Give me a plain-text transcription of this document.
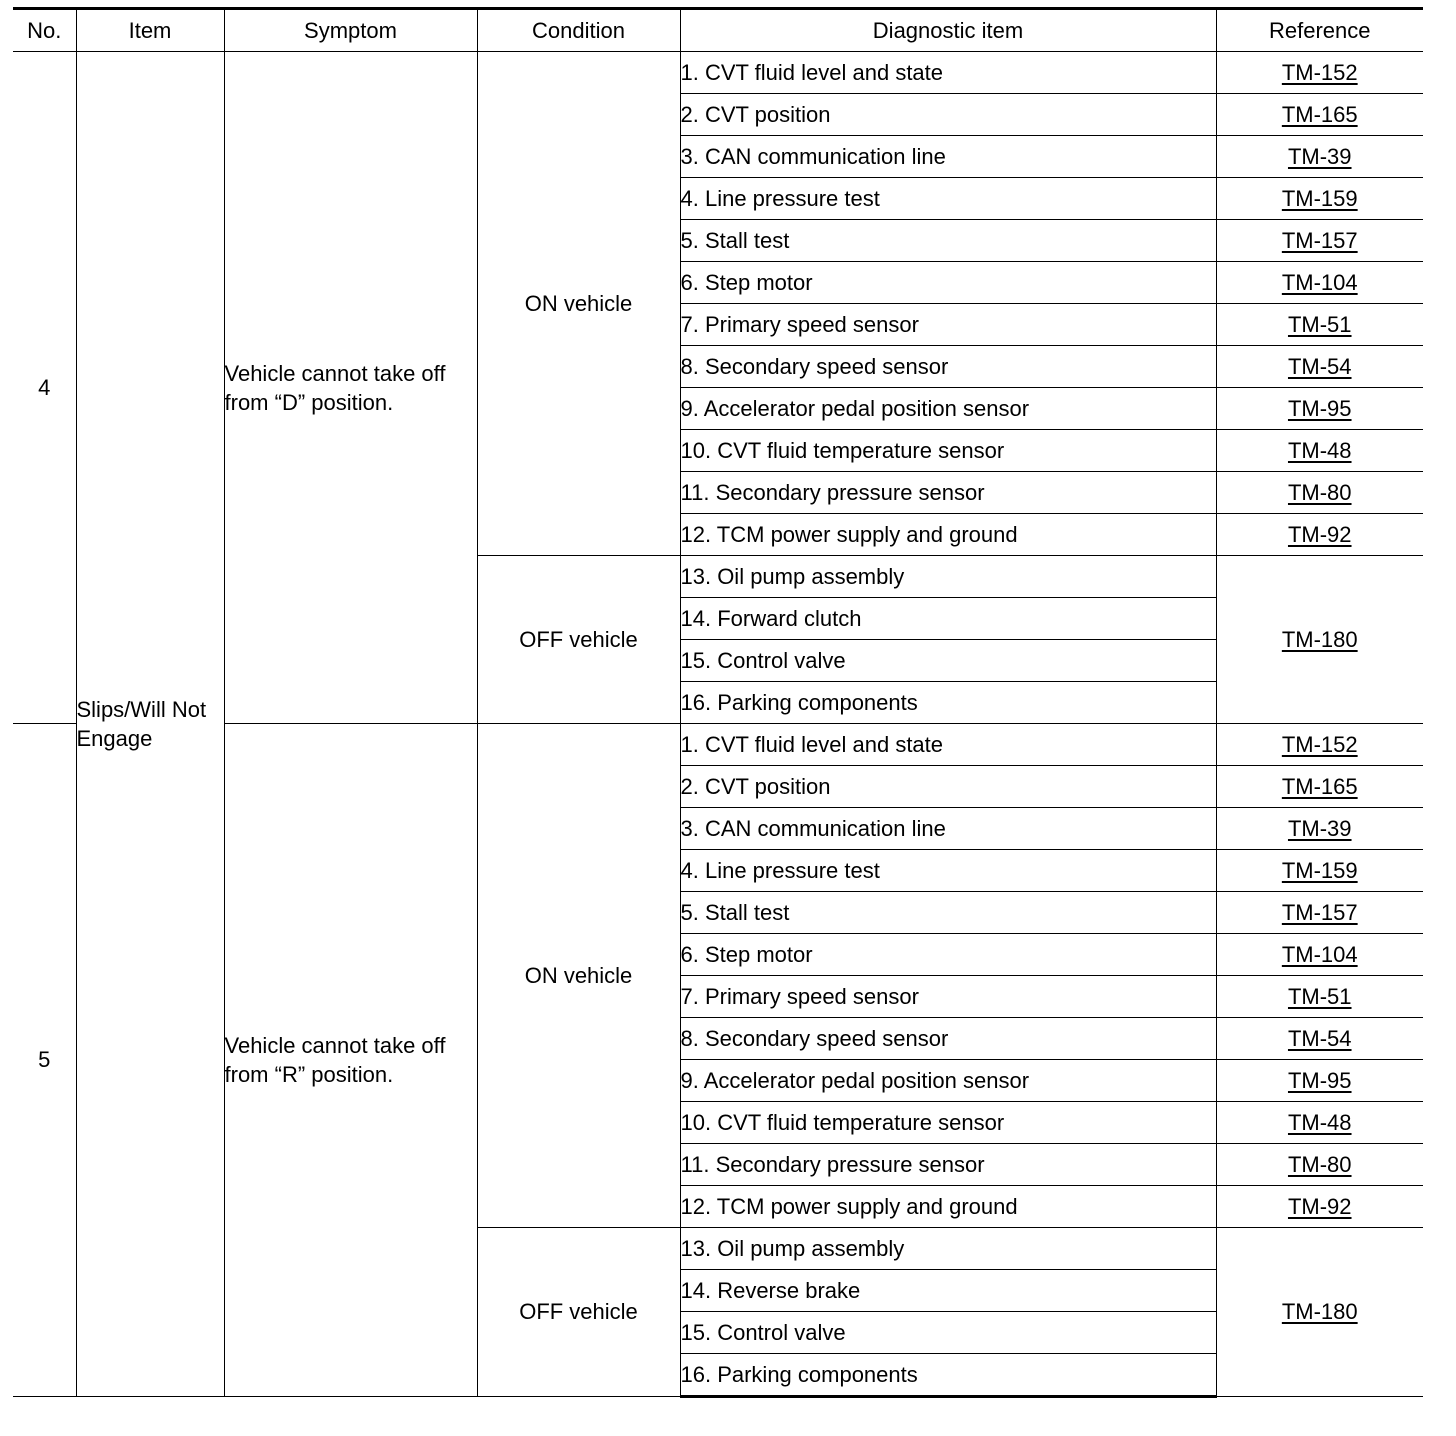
No.	Item	Symptom	Condition	Diagnostic item	Reference
4	Slips/Will Not Engage	Vehicle cannot take off from “D” position.	ON vehicle	1. CVT fluid level and state	TM-152
				2. CVT position	TM-165
				3. CAN communication line	TM-39
				4. Line pressure test	TM-159
				5. Stall test	TM-157
				6. Step motor	TM-104
				7. Primary speed sensor	TM-51
				8. Secondary speed sensor	TM-54
				9. Accelerator pedal position sensor	TM-95
				10. CVT fluid temperature sensor	TM-48
				11. Secondary pressure sensor	TM-80
				12. TCM power supply and ground	TM-92
			OFF vehicle	13. Oil pump assembly	TM-180
				14. Forward clutch	
				15. Control valve	
				16. Parking components	
5		Vehicle cannot take off from “R” position.	ON vehicle	1. CVT fluid level and state	TM-152
				2. CVT position	TM-165
				3. CAN communication line	TM-39
				4. Line pressure test	TM-159
				5. Stall test	TM-157
				6. Step motor	TM-104
				7. Primary speed sensor	TM-51
				8. Secondary speed sensor	TM-54
				9. Accelerator pedal position sensor	TM-95
				10. CVT fluid temperature sensor	TM-48
				11. Secondary pressure sensor	TM-80
				12. TCM power supply and ground	TM-92
			OFF vehicle	13. Oil pump assembly	TM-180
				14. Reverse brake	
				15. Control valve	
				16. Parking components	
